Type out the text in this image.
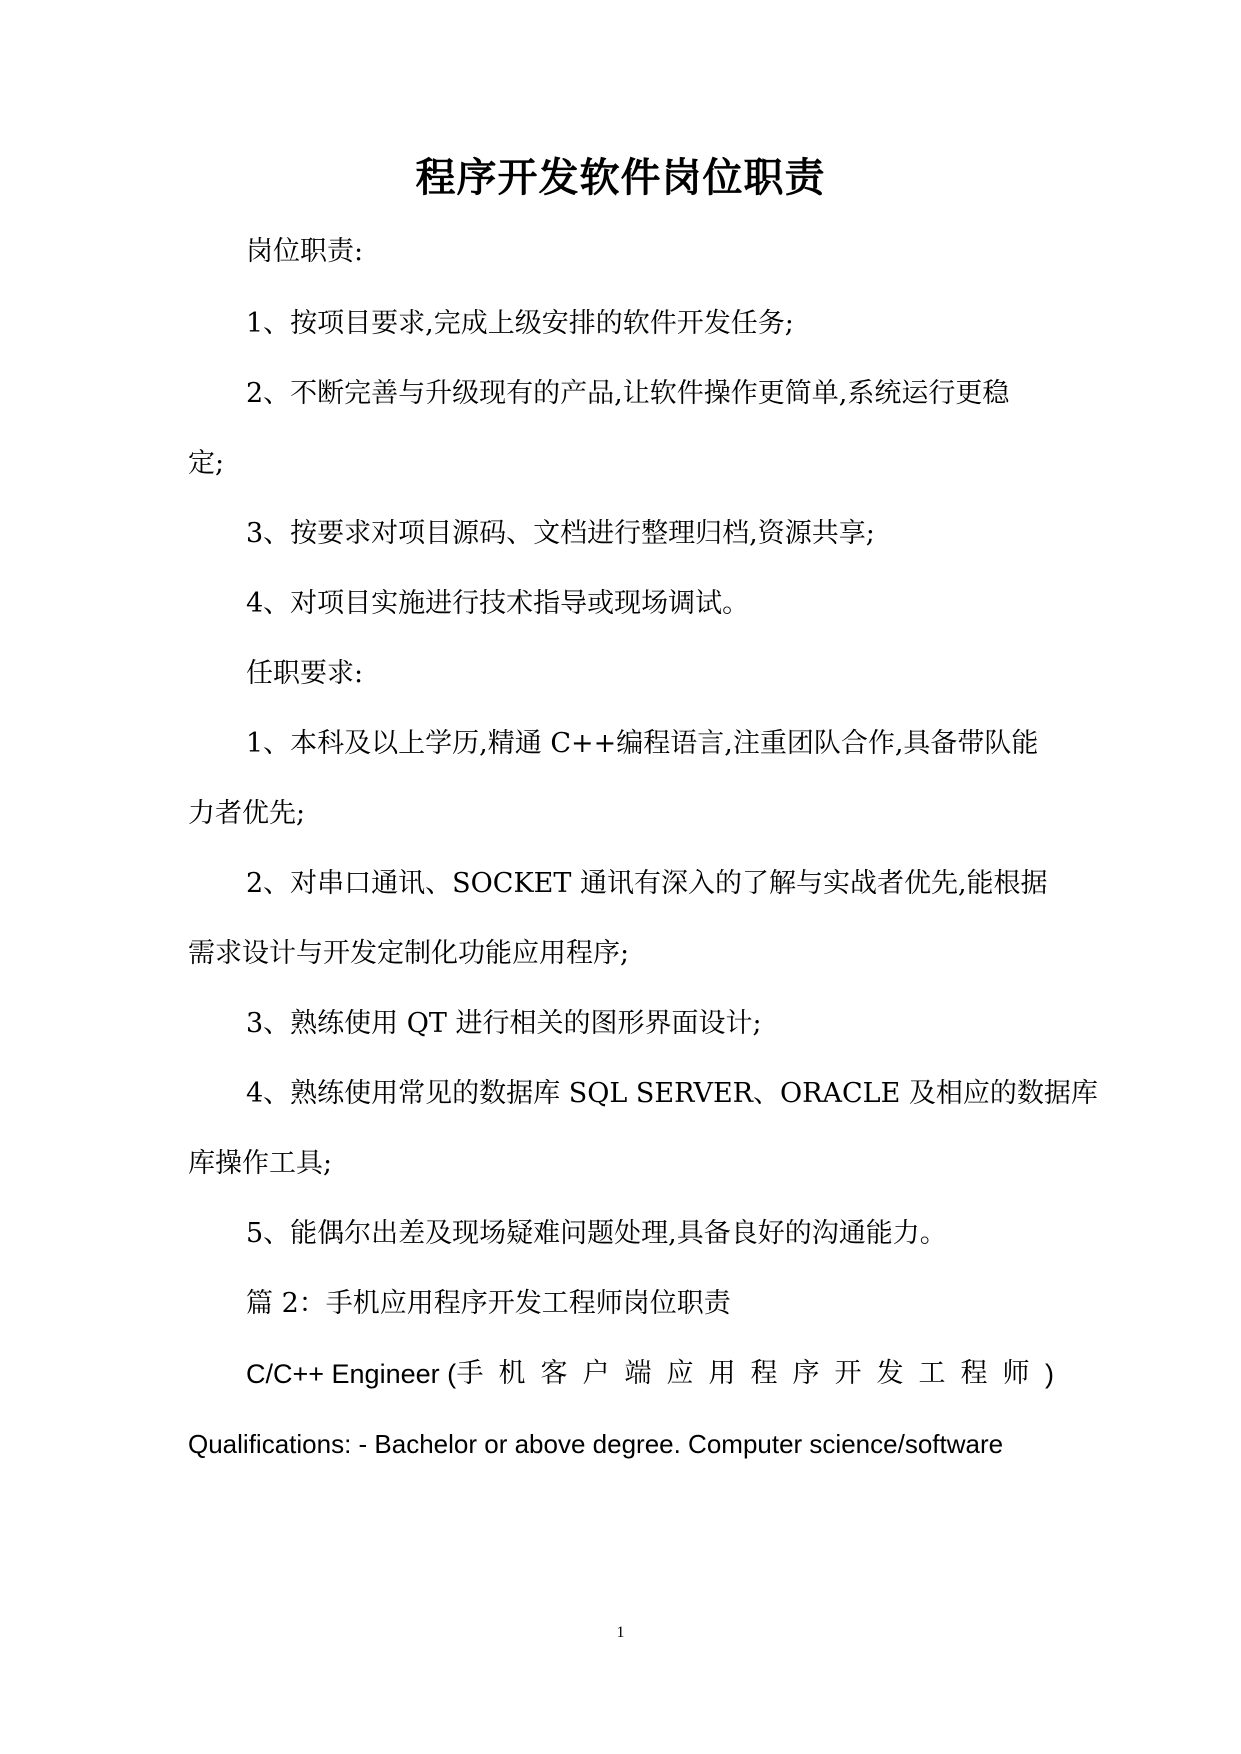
程序开发软件岗位职责

岗位职责:

1、按项目要求,完成上级安排的软件开发任务;

2、不断完善与升级现有的产品,让软件操作更简单,系统运行更稳

定;

3、按要求对项目源码、文档进行整理归档,资源共享;

4、对项目实施进行技术指导或现场调试。

任职要求:

1、本科及以上学历,精通 C++编程语言,注重团队合作,具备带队能

力者优先;

2、对串口通讯、SOCKET 通讯有深入的了解与实战者优先,能根据

需求设计与开发定制化功能应用程序;

3、熟练使用 QT 进行相关的图形界面设计;

4、熟练使用常见的数据库 SQL SERVER、ORACLE 及相应的数据库

库操作工具;

5、能偶尔出差及现场疑难问题处理,具备良好的沟通能力。

篇 2：手机应用程序开发工程师岗位职责

C/C++ Engineer ( 手机客户端应用程序开发工程师 )

Qualifications: - Bachelor or above degree. Computer science/software

1
